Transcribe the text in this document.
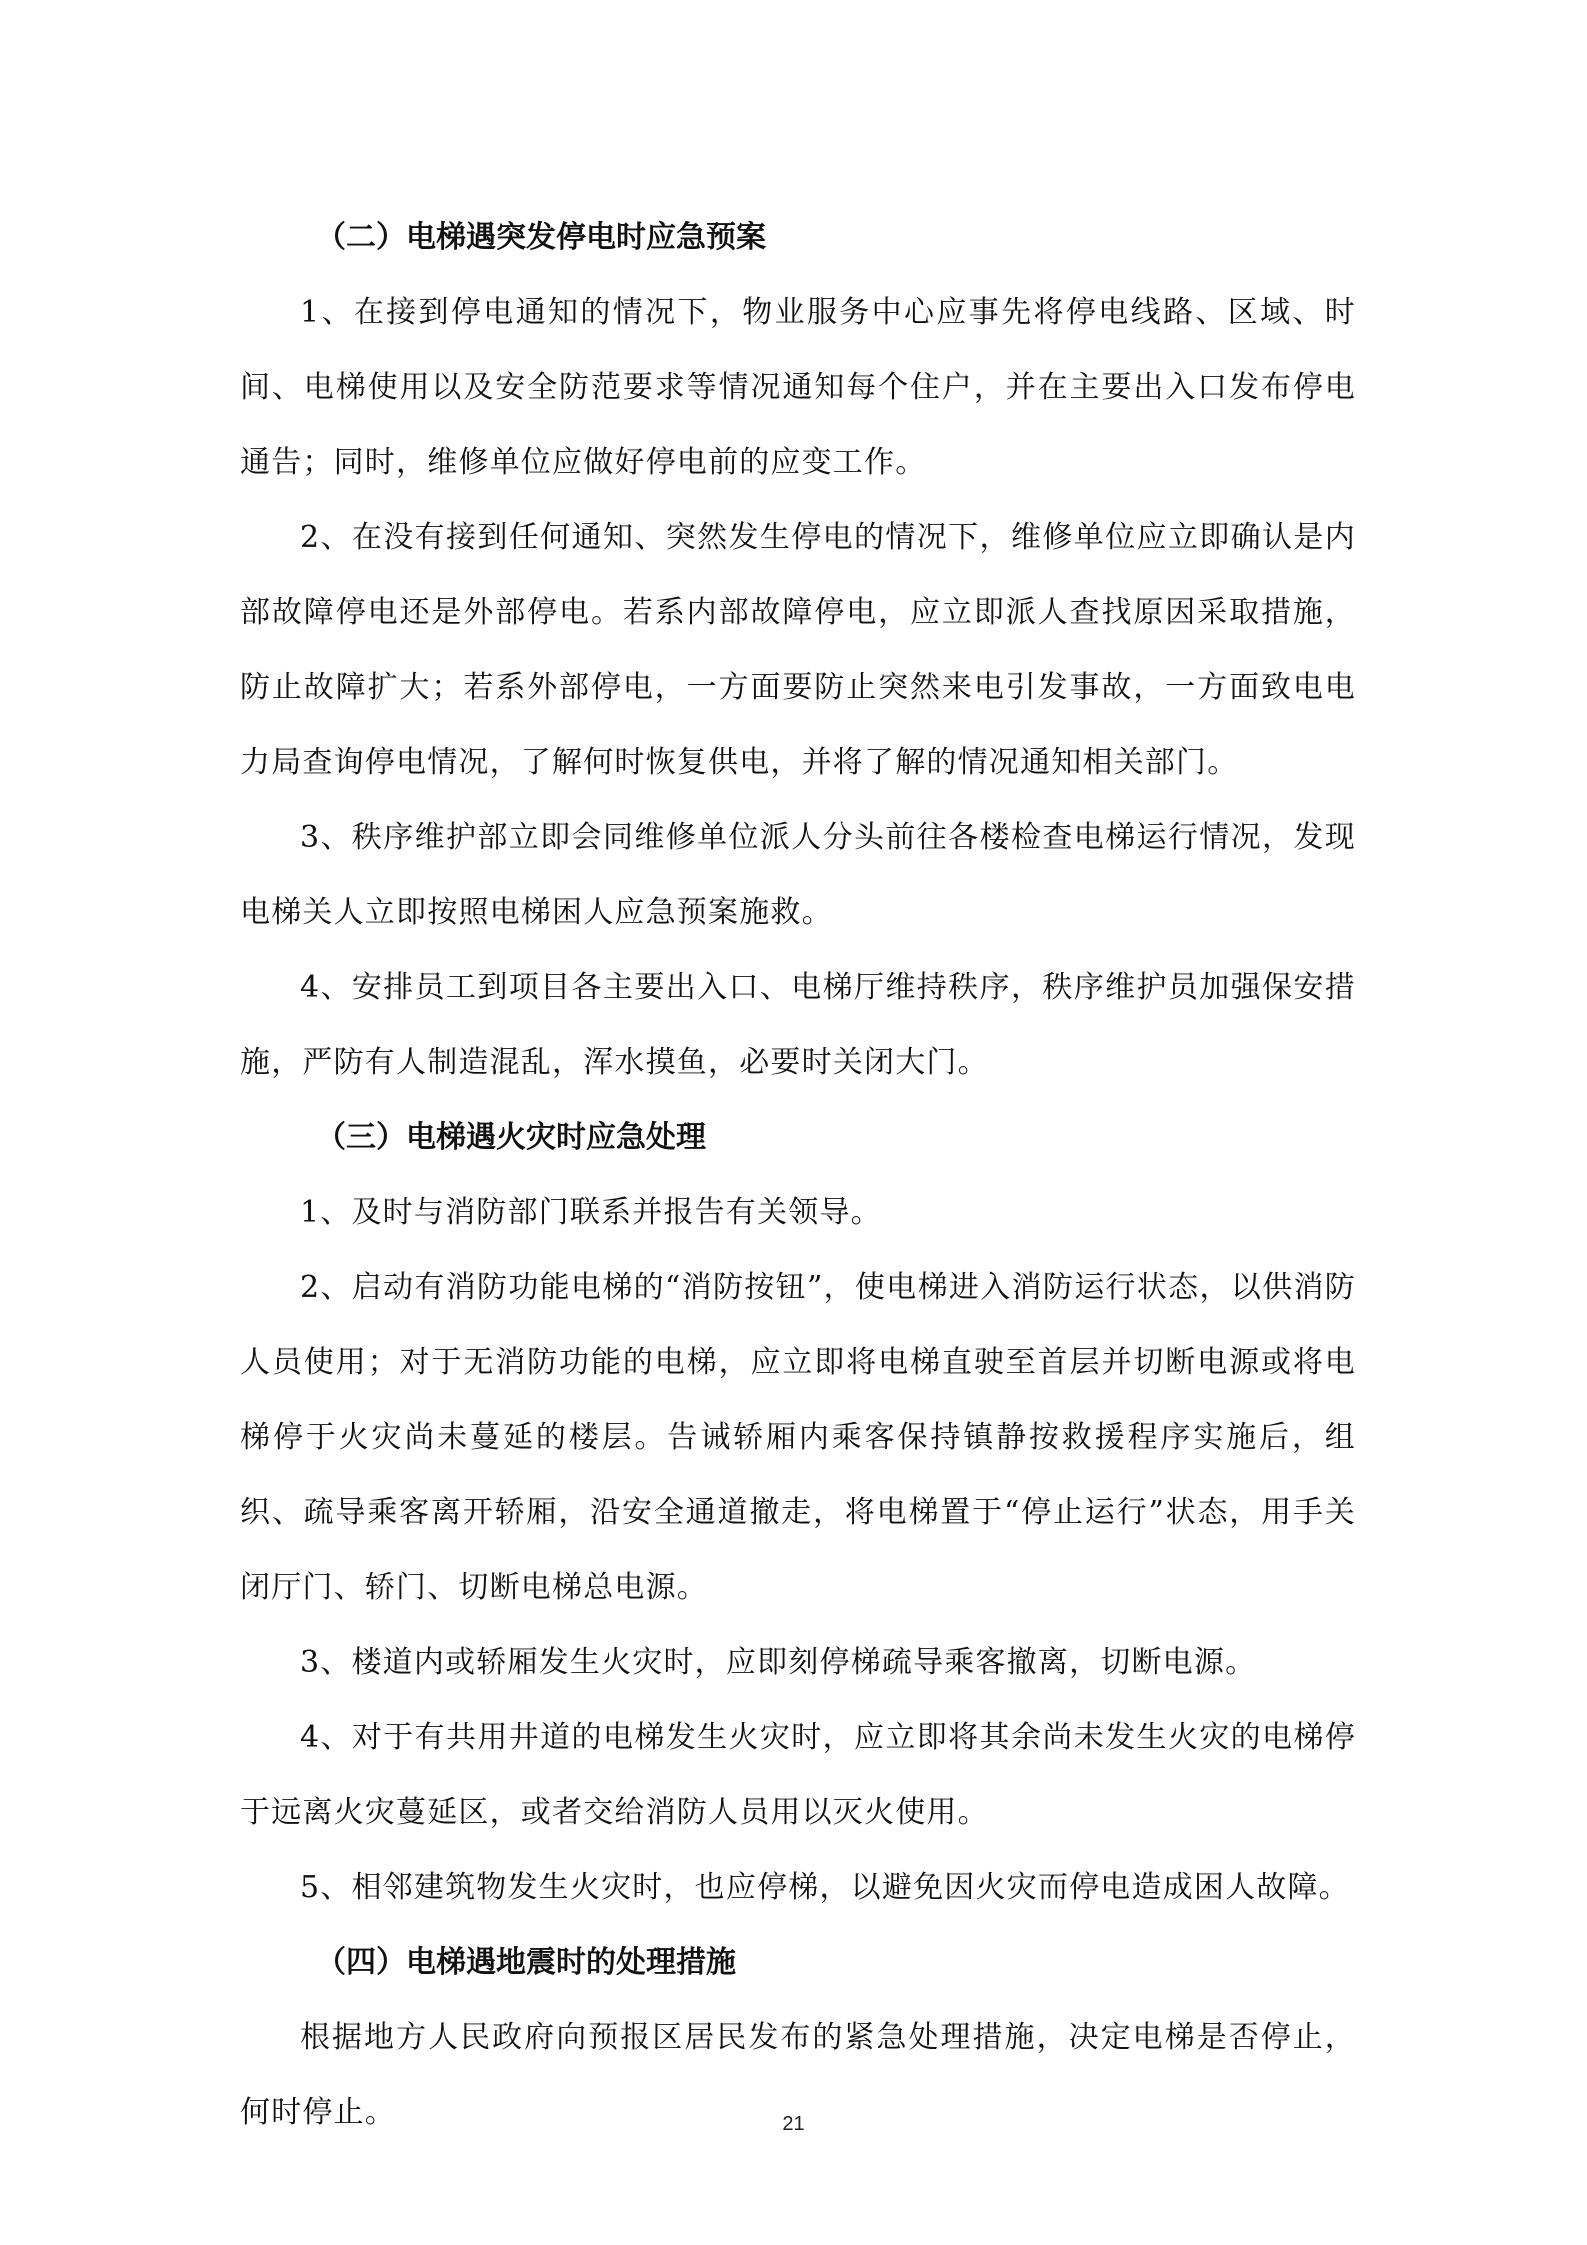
（二）电梯遇突发停电时应急预案

1、在接到停电通知的情况下，物业服务中心应事先将停电线路、区域、时间、电梯使用以及安全防范要求等情况通知每个住户，并在主要出入口发布停电通告；同时，维修单位应做好停电前的应变工作。

2、在没有接到任何通知、突然发生停电的情况下，维修单位应立即确认是内部故障停电还是外部停电。若系内部故障停电，应立即派人查找原因采取措施，防止故障扩大；若系外部停电，一方面要防止突然来电引发事故，一方面致电电力局查询停电情况，了解何时恢复供电，并将了解的情况通知相关部门。

3、秩序维护部立即会同维修单位派人分头前往各楼检查电梯运行情况，发现电梯关人立即按照电梯困人应急预案施救。

4、安排员工到项目各主要出入口、电梯厅维持秩序，秩序维护员加强保安措施，严防有人制造混乱，浑水摸鱼，必要时关闭大门。

（三）电梯遇火灾时应急处理

1、及时与消防部门联系并报告有关领导。

2、启动有消防功能电梯的“消防按钮”，使电梯进入消防运行状态，以供消防人员使用；对于无消防功能的电梯，应立即将电梯直驶至首层并切断电源或将电梯停于火灾尚未蔓延的楼层。告诫轿厢内乘客保持镇静按救援程序实施后，组织、疏导乘客离开轿厢，沿安全通道撤走，将电梯置于“停止运行”状态，用手关闭厅门、轿门、切断电梯总电源。

3、楼道内或轿厢发生火灾时，应即刻停梯疏导乘客撤离，切断电源。

4、对于有共用井道的电梯发生火灾时，应立即将其余尚未发生火灾的电梯停于远离火灾蔓延区，或者交给消防人员用以灭火使用。

5、相邻建筑物发生火灾时，也应停梯，以避免因火灾而停电造成困人故障。

（四）电梯遇地震时的处理措施

根据地方人民政府向预报区居民发布的紧急处理措施，决定电梯是否停止，何时停止。	21
